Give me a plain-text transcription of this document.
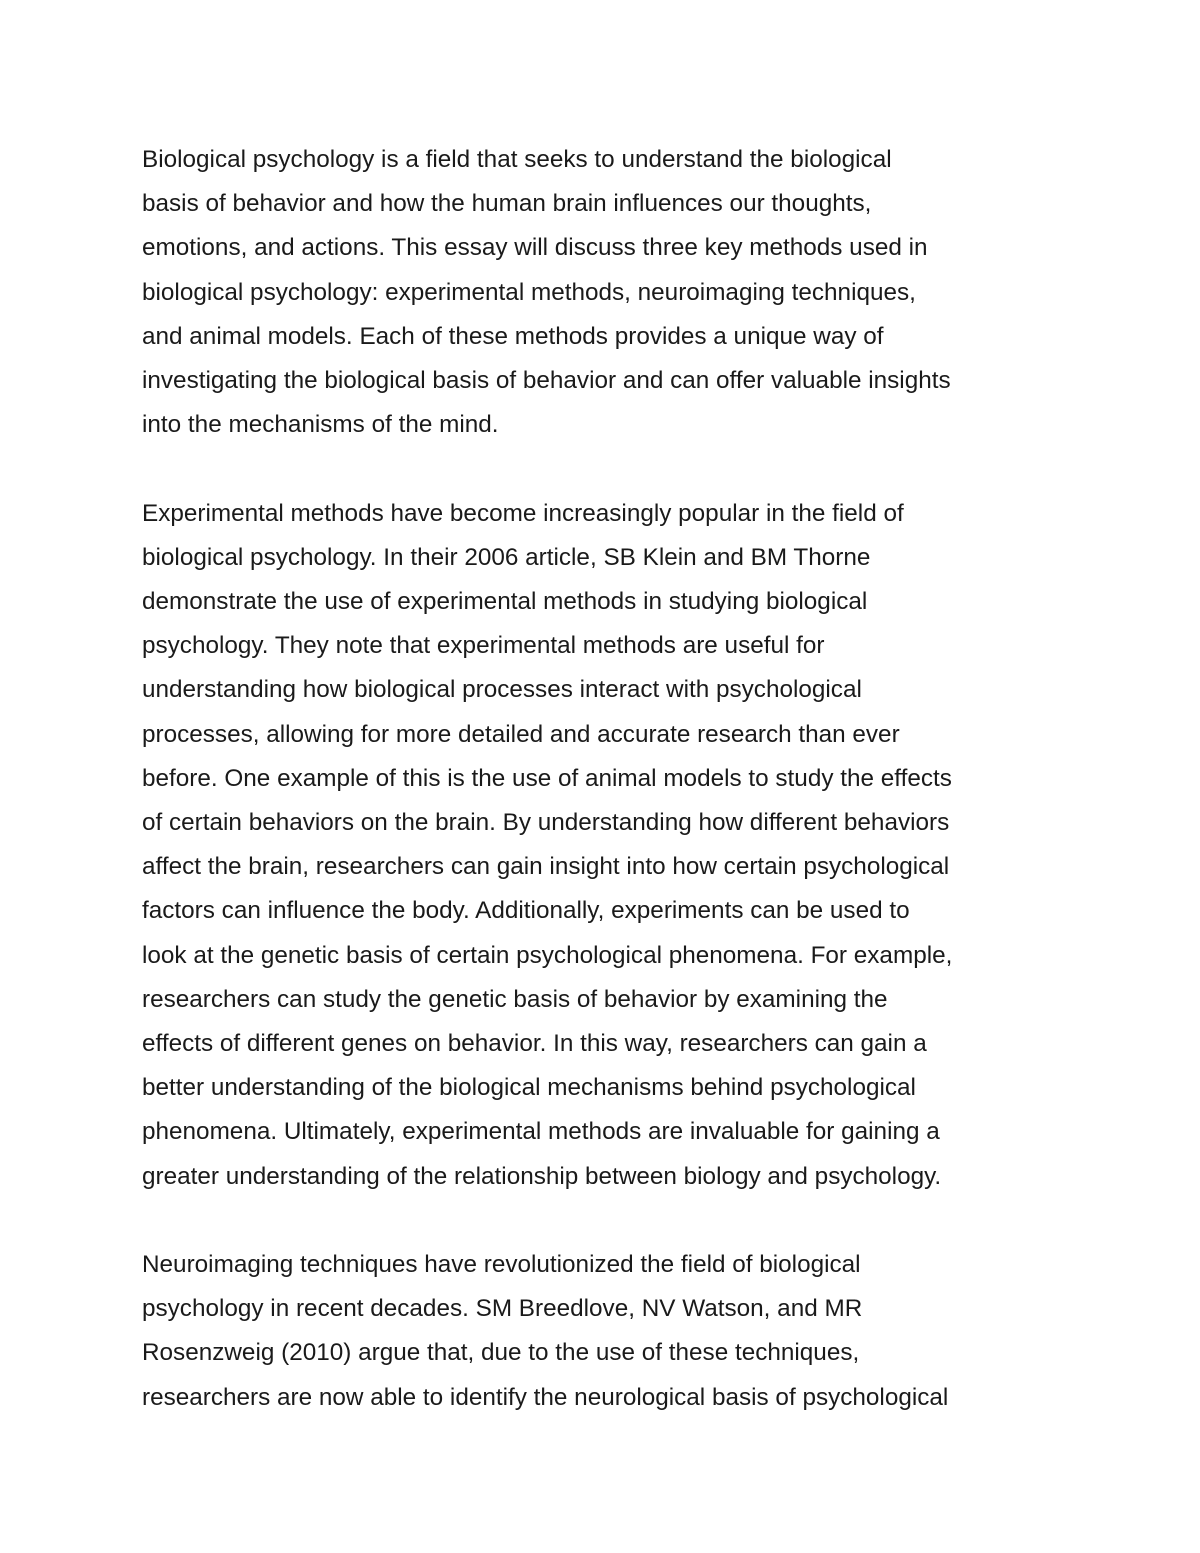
Biological psychology is a field that seeks to understand the biological
basis of behavior and how the human brain influences our thoughts,
emotions, and actions. This essay will discuss three key methods used in
biological psychology: experimental methods, neuroimaging techniques,
and animal models. Each of these methods provides a unique way of
investigating the biological basis of behavior and can offer valuable insights
into the mechanisms of the mind.

Experimental methods have become increasingly popular in the field of
biological psychology. In their 2006 article, SB Klein and BM Thorne
demonstrate the use of experimental methods in studying biological
psychology. They note that experimental methods are useful for
understanding how biological processes interact with psychological
processes, allowing for more detailed and accurate research than ever
before. One example of this is the use of animal models to study the effects
of certain behaviors on the brain. By understanding how different behaviors
affect the brain, researchers can gain insight into how certain psychological
factors can influence the body. Additionally, experiments can be used to
look at the genetic basis of certain psychological phenomena. For example,
researchers can study the genetic basis of behavior by examining the
effects of different genes on behavior. In this way, researchers can gain a
better understanding of the biological mechanisms behind psychological
phenomena. Ultimately, experimental methods are invaluable for gaining a
greater understanding of the relationship between biology and psychology.

Neuroimaging techniques have revolutionized the field of biological
psychology in recent decades. SM Breedlove, NV Watson, and MR
Rosenzweig (2010) argue that, due to the use of these techniques,
researchers are now able to identify the neurological basis of psychological
